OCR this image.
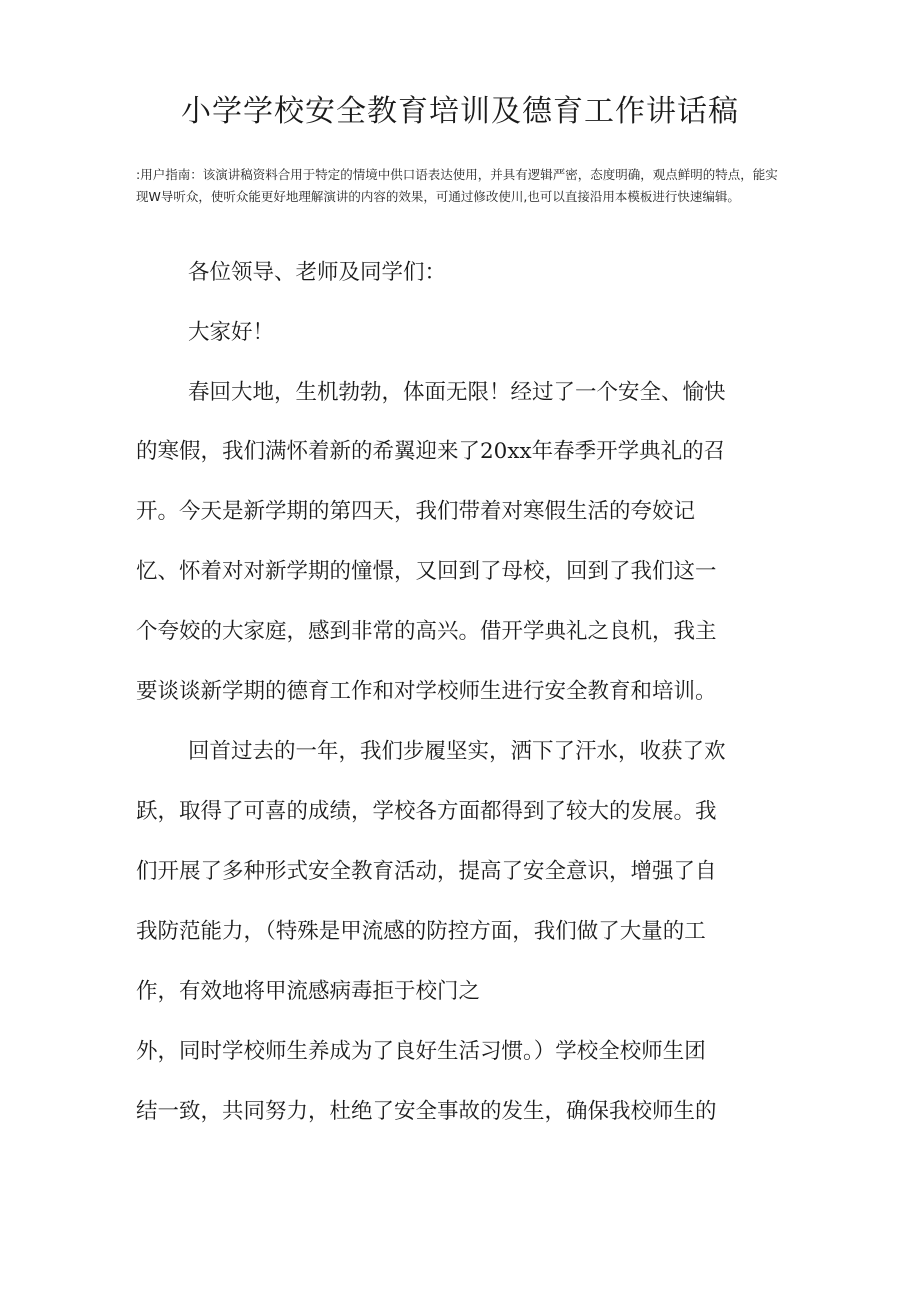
小学学校安全教育培训及德育工作讲话稿

:用户指南：该演讲稿资料合用于特定的情境中供口语表达使用，并具有逻辑严密，态度明确，观点鲜明的特点，能实现W导听众，使听众能更好地理解演讲的内容的效果，可通过修改使川,也可以直接沿用本模板进行快速编辑。

各位领导、老师及同学们：

大家好！

春回大地，生机勃勃，体面无限！经过了一个安全、愉快

的寒假，我们满怀着新的希翼迎来了20xx年春季开学典礼的召

开。今天是新学期的第四天，我们带着对寒假生活的夸姣记

忆、怀着对对新学期的憧憬，又回到了母校，回到了我们这一

个夸姣的大家庭，感到非常的高兴。借开学典礼之良机，我主

要谈谈新学期的德育工作和对学校师生进行安全教育和培训。

回首过去的一年，我们步履坚实，洒下了汗水，收获了欢

跃，取得了可喜的成绩，学校各方面都得到了较大的发展。我

们开展了多种形式安全教育活动，提高了安全意识，增强了自

我防范能力，（特殊是甲流感的防控方面，我们做了大量的工

作，有效地将甲流感病毒拒于校门之

外，同时学校师生养成为了良好生活习惯。）学校全校师生团

结一致，共同努力，杜绝了安全事故的发生，确保我校师生的
